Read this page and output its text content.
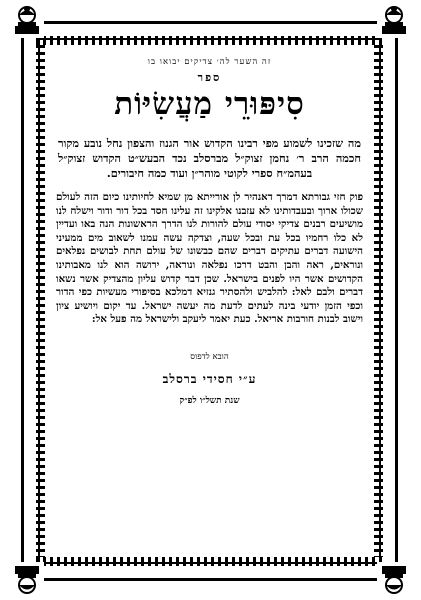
זה השער לה׳ צדיקים יבואו בו
ספר
סִיפּוּרֵי מַעֲשִׂיּוֹת
מה שזכינו לשמוע מפי רבינו הקדוש אור הגנוז והצפון נחל נובע מקור חכמה הרב ר׳ נחמן זצוק״ל מברסלב נכד הבעש״ט הקדוש זצוק״ל בעהמ״ח ספרי לקוטי מוהר״ן ועוד כמה חיבורים.
פוק חזי גבורתא דמרך דאנהיר לן אורייתא מן שמיא לחיותינו כיום הזה לעולם שכולו ארוך ובעבדותינו לא עזבנו אלקינו זה עלינו חסד בכל דור ודור וישלח לנו מושיעים רבנים צדיקי יסודי עולם להורות לנו הדרך הראשונות הנה באו ועדיין לא כלו רחמיו בכל עת ובכל שעה, וצדקה עשה עמנו לשאוב מים ממעיני הישועה דברים עתיקים דברים שהם כבשונו של עולם תחת לבושים נפלאים ונוראים, ראה והבן והבט דרכו נפלאה ונוראה, ירושה הוא לנו מאבותינו הקדושים אשר היו לפנים בישראל. שכן דבר קדוש עליון מהצדיק אשר נשאו דברים ולבם לאל: להלביש ולהסתיר גנזיא דמלכא בסיפורי מעשיות כפי הדור וכפי הזמן יודעי בינה לעתים לדעת מה יעשה ישראל. עד יקום ויושיע ציון וישוב לבנות חורבות אריאל. כעת יאמר ליעקב ולישראל מה פעל אל:
הובא לדפוס
ע״י חסידי ברסלב
שנת תשל״ו לפ״ק
